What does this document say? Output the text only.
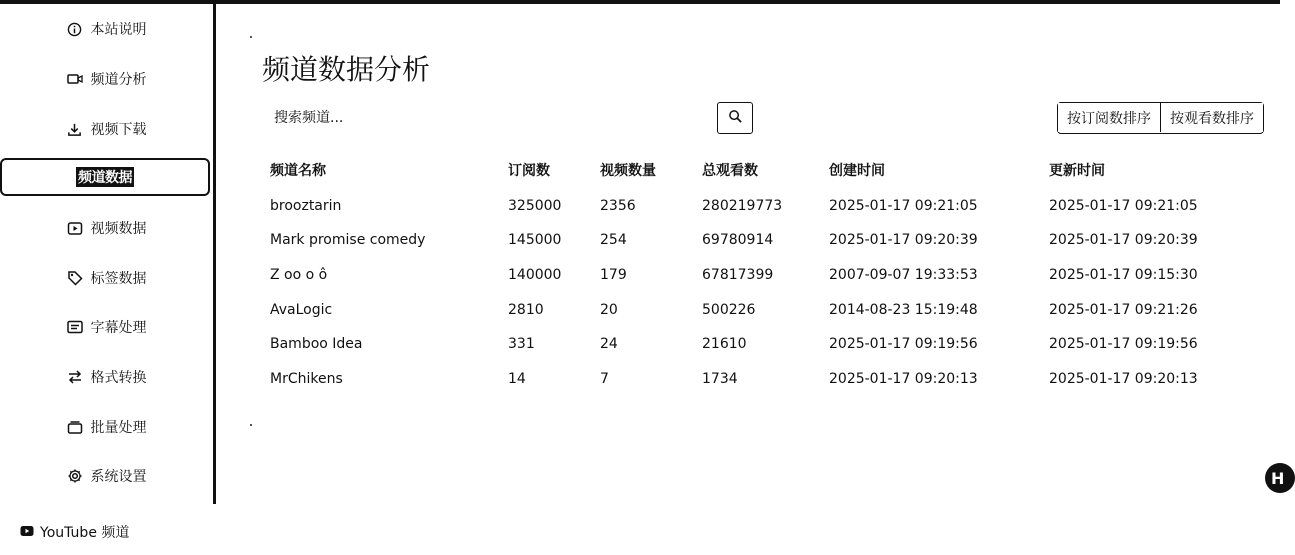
本站说明
频道分析
视频下载
频道数据
视频数据
标签数据
字幕处理
格式转换
批量处理
系统设置
YouTube 频道
频道数据分析
搜索频道...
按订阅数排序	按观看数排序
频道名称	订阅数	视频数量	总观看数	创建时间	更新时间
brooztarin	325000	2356	280219773	2025-01-17 09:21:05	2025-01-17 09:21:05
Mark promise comedy	145000	254	69780914	2025-01-17 09:20:39	2025-01-17 09:20:39
Z oo o ô	140000	179	67817399	2007-09-07 19:33:53	2025-01-17 09:15:30
AvaLogic	2810	20	500226	2014-08-23 15:19:48	2025-01-17 09:21:26
Bamboo Idea	331	24	21610	2025-01-17 09:19:56	2025-01-17 09:19:56
MrChikens	14	7	1734	2025-01-17 09:20:13	2025-01-17 09:20:13
H
